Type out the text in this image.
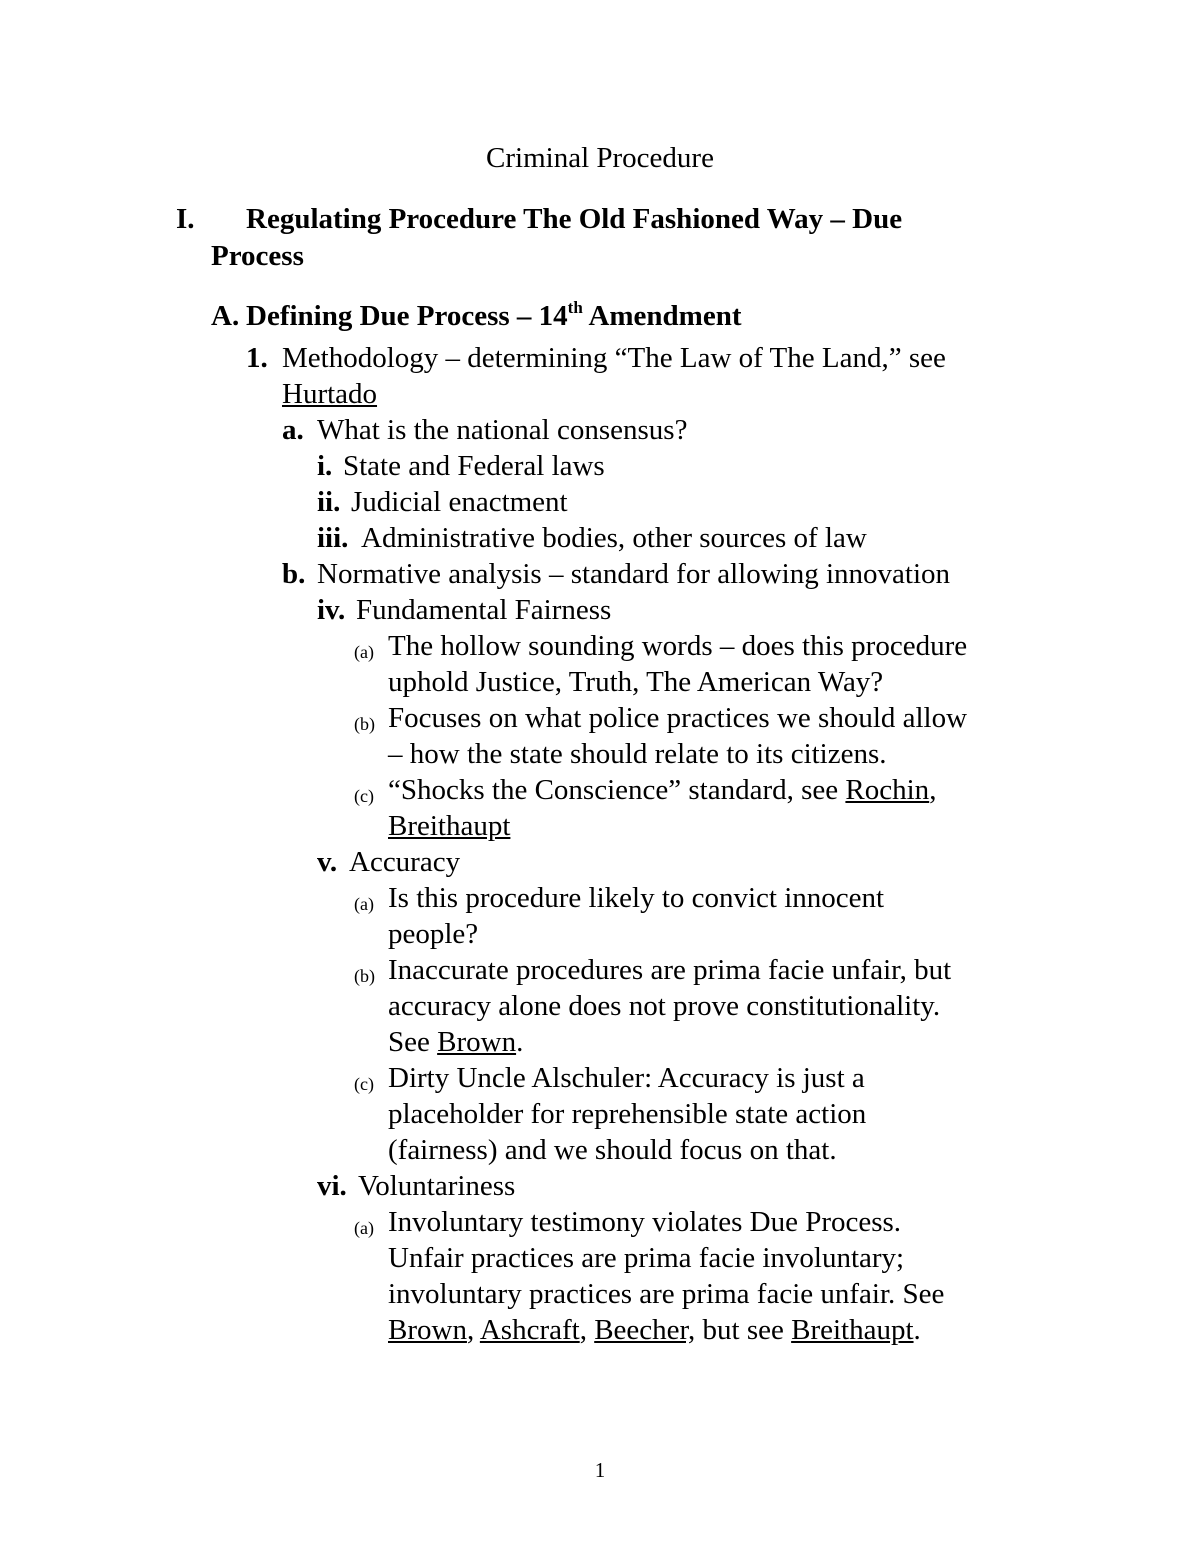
Criminal Procedure
I. Regulating Procedure The Old Fashioned Way – Due
Process
A. Defining Due Process – 14th Amendment
1. Methodology – determining “The Law of The Land,” see
Hurtado
a. What is the national consensus?
i. State and Federal laws
ii. Judicial enactment
iii. Administrative bodies, other sources of law
b. Normative analysis – standard for allowing innovation
iv. Fundamental Fairness
(a) The hollow sounding words – does this procedure
uphold Justice, Truth, The American Way?
(b) Focuses on what police practices we should allow
– how the state should relate to its citizens.
(c) “Shocks the Conscience” standard, see Rochin,
Breithaupt
v. Accuracy
(a) Is this procedure likely to convict innocent
people?
(b) Inaccurate procedures are prima facie unfair, but
accuracy alone does not prove constitutionality.
See Brown.
(c) Dirty Uncle Alschuler: Accuracy is just a
placeholder for reprehensible state action
(fairness) and we should focus on that.
vi. Voluntariness
(a) Involuntary testimony violates Due Process.
Unfair practices are prima facie involuntary;
involuntary practices are prima facie unfair. See
Brown, Ashcraft, Beecher, but see Breithaupt.
1
